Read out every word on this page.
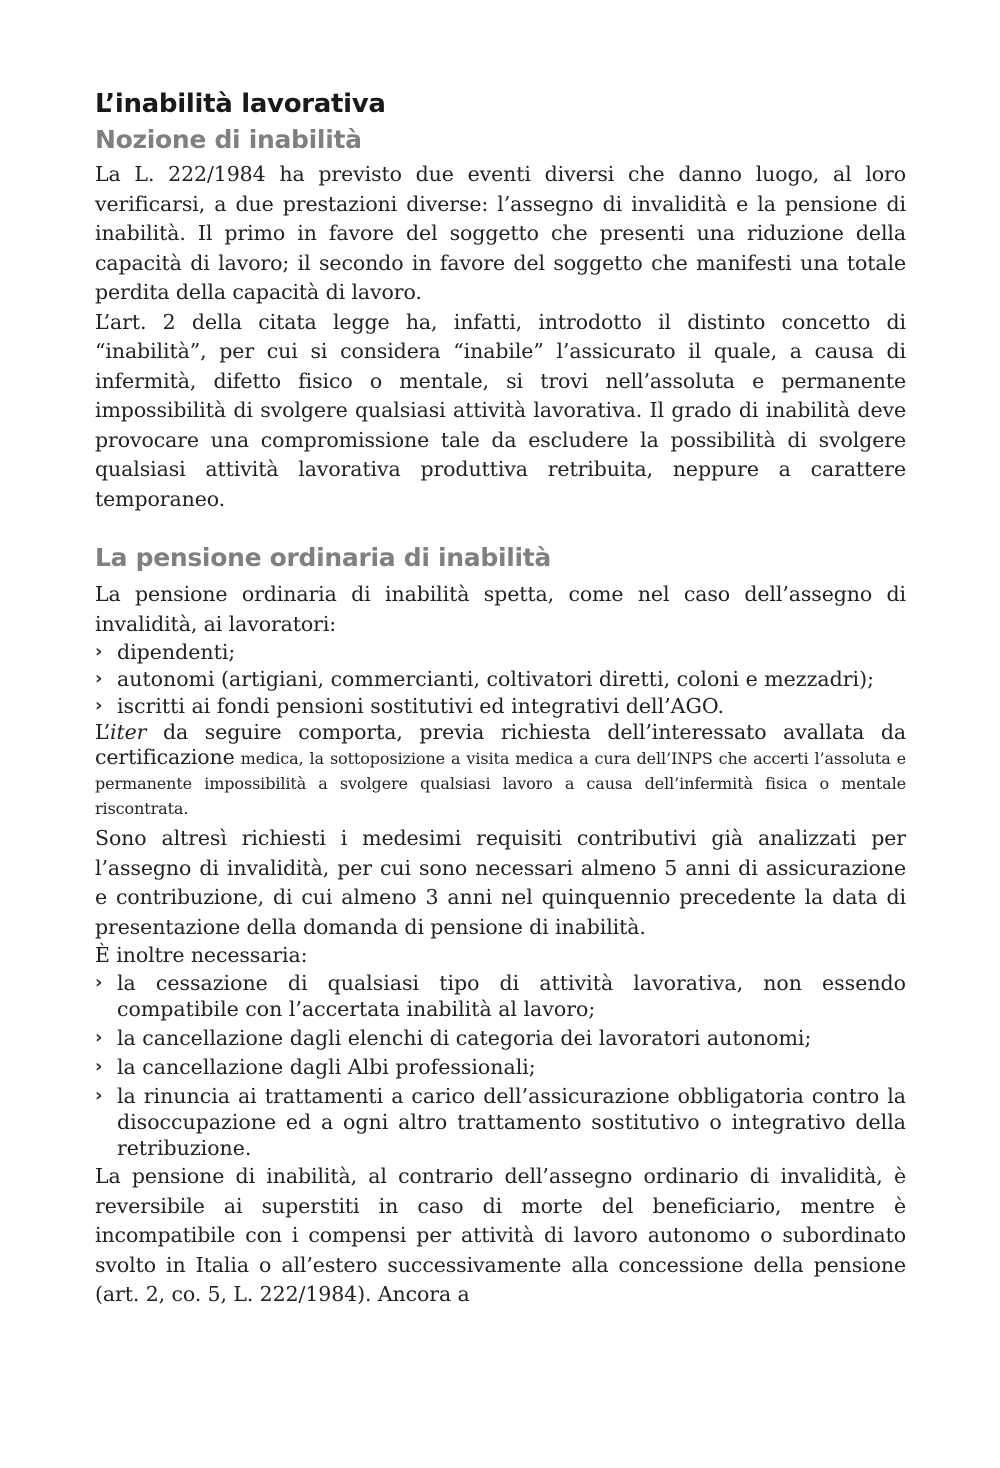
L’inabilità lavorativa
Nozione di inabilità

La L. 222/1984 ha previsto due eventi diversi che danno luogo, al loro verificarsi, a due prestazioni diverse: l’assegno di invalidità e la pensione di inabilità. Il primo in favore del soggetto che presenti una riduzione della capacità di lavoro; il secondo in favore del soggetto che manifesti una totale perdita della capacità di lavoro.

L’art. 2 della citata legge ha, infatti, introdotto il distinto concetto di “inabilità”, per cui si considera “inabile” l’assicurato il quale, a causa di infermità, difetto fisico o mentale, si trovi nell’assoluta e permanente impossibilità di svolgere qualsiasi attività lavorativa. Il grado di inabilità deve provocare una compromissione tale da escludere la possibilità di svolgere qualsiasi attività lavorativa produttiva retribuita, neppure a carattere temporaneo.

La pensione ordinaria di inabilità

La pensione ordinaria di inabilità spetta, come nel caso dell’assegno di invalidità, ai lavoratori:

› dipendenti;
› autonomi (artigiani, commercianti, coltivatori diretti, coloni e mezzadri);
› iscritti ai fondi pensioni sostitutivi ed integrativi dell’AGO.

L’iter da seguire comporta, previa richiesta dell’interessato avallata da certificazione medica, la sottoposizione a visita medica a cura dell’INPS che accerti l’assoluta e permanente impossibilità a svolgere qualsiasi lavoro a causa dell’infermità fisica o mentale riscontrata.

Sono altresì richiesti i medesimi requisiti contributivi già analizzati per l’assegno di invalidità, per cui sono necessari almeno 5 anni di assicurazione e contribuzione, di cui almeno 3 anni nel quinquennio precedente la data di presentazione della domanda di pensione di inabilità.

È inoltre necessaria:

› la cessazione di qualsiasi tipo di attività lavorativa, non essendo compatibile con l’accertata inabilità al lavoro;
› la cancellazione dagli elenchi di categoria dei lavoratori autonomi;
› la cancellazione dagli Albi professionali;
› la rinuncia ai trattamenti a carico dell’assicurazione obbligatoria contro la disoccupazione ed a ogni altro trattamento sostitutivo o integrativo della retribuzione.

La pensione di inabilità, al contrario dell’assegno ordinario di invalidità, è reversibile ai superstiti in caso di morte del beneficiario, mentre è incompatibile con i compensi per attività di lavoro autonomo o subordinato svolto in Italia o all’estero successivamente alla concessione della pensione (art. 2, co. 5, L. 222/1984). Ancora a
